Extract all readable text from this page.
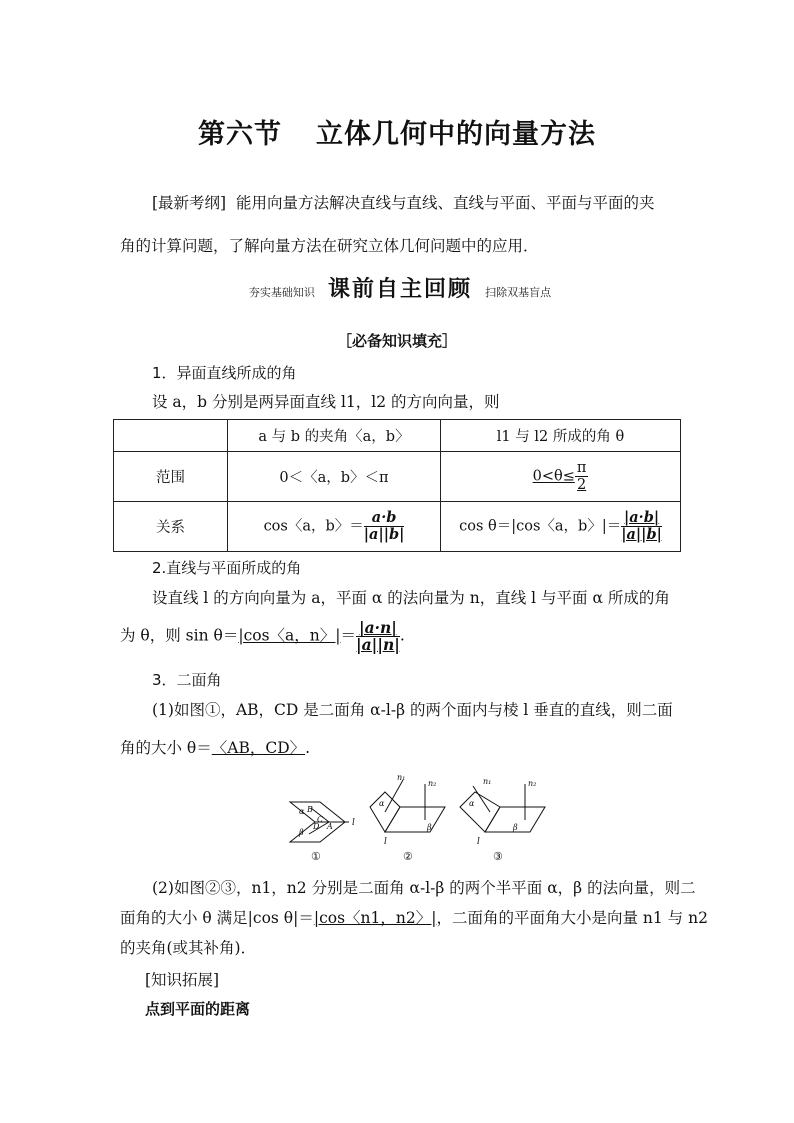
第六节 立体几何中的向量方法
[最新考纲] 能用向量方法解决直线与直线、直线与平面、平面与平面的夹
角的计算问题，了解向量方法在研究立体几何问题中的应用．
夯实基础知识 课前自主回顾 扫除双基盲点
［必备知识填充］
1．异面直线所成的角
设 a，b 分别是两异面直线 l1，l2 的方向向量，则
	a 与 b 的夹角〈a，b〉	l1 与 l2 所成的角 θ
范围	0＜〈a，b〉＜π	$0<\theta\le \frac{\pi}{2}$

关系	cos〈a，b〉＝ $\frac{a\cdot b}{|a||b|}$	cos θ＝|cos〈a，b〉|＝ $\frac{|a\cdot b|}{|a||b|}$
2.直线与平面所成的角
设直线 l 的方向向量为 a，平面 α 的法向量为 n，直线 l 与平面 α 所成的角
为 θ，则 sin θ＝|cos〈a，n〉|＝ $\frac{|a\cdot n|}{|a||n|}$ .
3．二面角
(1)如图①，AB，CD 是二面角 α-l-β 的两个面内与棱 l 垂直的直线，则二面
角的大小 θ＝〈AB，CD〉.
α B
C
D A
β
l
①
n₁
n₂
α
β
l
②
n₁	n₂
α
β
l
③
(2)如图②③，n1，n2 分别是二面角 α-l-β 的两个半平面 α，β 的法向量，则二
面角的大小 θ 满足|cos θ|＝|cos〈n1，n2〉|，二面角的平面角大小是向量 n1 与 n2
的夹角(或其补角)．
[知识拓展]
点到平面的距离
